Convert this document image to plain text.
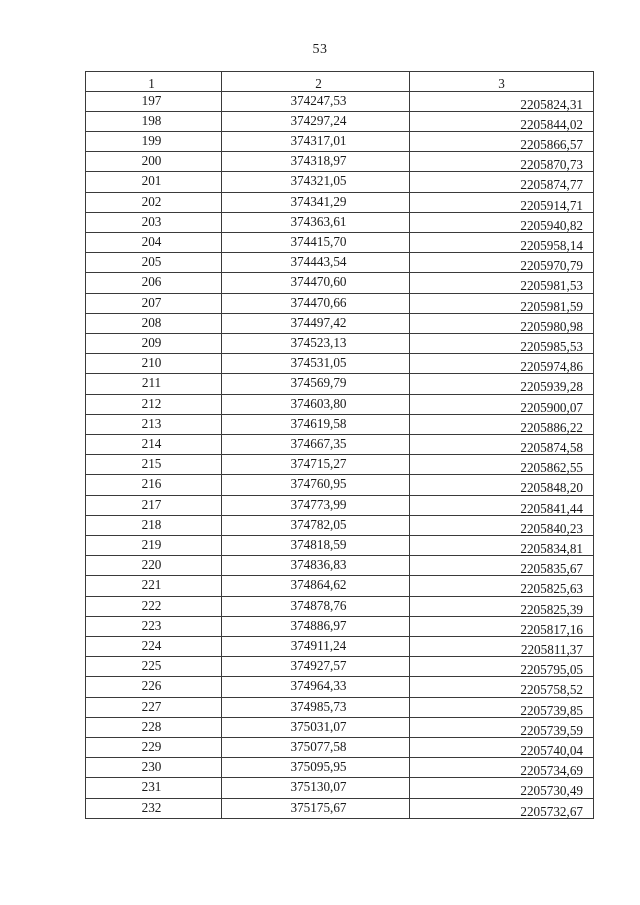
53
1	2	3
197	374247,53	2205824,31
198	374297,24	2205844,02
199	374317,01	2205866,57
200	374318,97	2205870,73
201	374321,05	2205874,77
202	374341,29	2205914,71
203	374363,61	2205940,82
204	374415,70	2205958,14
205	374443,54	2205970,79
206	374470,60	2205981,53
207	374470,66	2205981,59
208	374497,42	2205980,98
209	374523,13	2205985,53
210	374531,05	2205974,86
211	374569,79	2205939,28
212	374603,80	2205900,07
213	374619,58	2205886,22
214	374667,35	2205874,58
215	374715,27	2205862,55
216	374760,95	2205848,20
217	374773,99	2205841,44
218	374782,05	2205840,23
219	374818,59	2205834,81
220	374836,83	2205835,67
221	374864,62	2205825,63
222	374878,76	2205825,39
223	374886,97	2205817,16
224	374911,24	2205811,37
225	374927,57	2205795,05
226	374964,33	2205758,52
227	374985,73	2205739,85
228	375031,07	2205739,59
229	375077,58	2205740,04
230	375095,95	2205734,69
231	375130,07	2205730,49
232	375175,67	2205732,67
